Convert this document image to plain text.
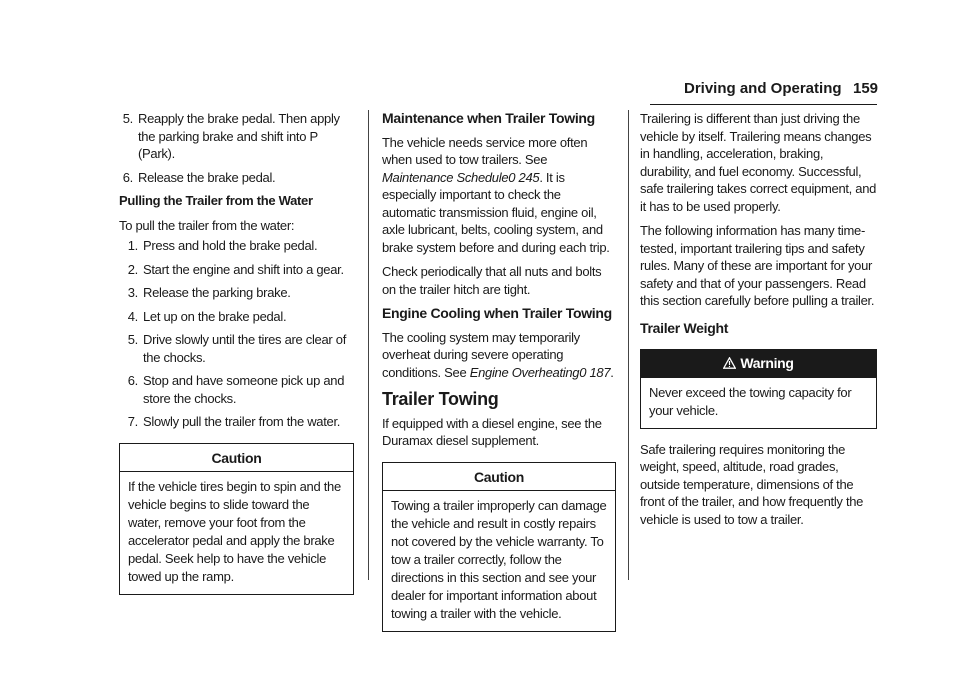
Driving and Operating 159
5. Reapply the brake pedal. Then apply the parking brake and shift into P (Park).
6. Release the brake pedal.

Pulling the Trailer from the Water

To pull the trailer from the water:

1. Press and hold the brake pedal.
2. Start the engine and shift into a gear.
3. Release the parking brake.
4. Let up on the brake pedal.
5. Drive slowly until the tires are clear of the chocks.
6. Stop and have someone pick up and store the chocks.
7. Slowly pull the trailer from the water.
Caution
If the vehicle tires begin to spin and the vehicle begins to slide toward the water, remove your foot from the accelerator pedal and apply the brake pedal. Seek help to have the vehicle towed up the ramp.
Maintenance when Trailer Towing

The vehicle needs service more often when used to tow trailers. See Maintenance Schedule0 245. It is especially important to check the automatic transmission fluid, engine oil, axle lubricant, belts, cooling system, and brake system before and during each trip.

Check periodically that all nuts and bolts on the trailer hitch are tight.

Engine Cooling when Trailer Towing

The cooling system may temporarily overheat during severe operating conditions. See Engine Overheating0 187.

Trailer Towing

If equipped with a diesel engine, see the Duramax diesel supplement.

Caution
Towing a trailer improperly can damage the vehicle and result in costly repairs not covered by the vehicle warranty. To tow a trailer correctly, follow the directions in this section and see your dealer for important information about towing a trailer with the vehicle.

Trailering is different than just driving the vehicle by itself. Trailering means changes in handling, acceleration, braking, durability, and fuel economy. Successful, safe trailering takes correct equipment, and it has to be used properly.

The following information has many time-tested, important trailering tips and safety rules. Many of these are important for your safety and that of your passengers. Read this section carefully before pulling a trailer.

Trailer Weight
Warning
Never exceed the towing capacity for your vehicle.

Safe trailering requires monitoring the weight, speed, altitude, road grades, outside temperature, dimensions of the front of the trailer, and how frequently the vehicle is used to tow a trailer.
